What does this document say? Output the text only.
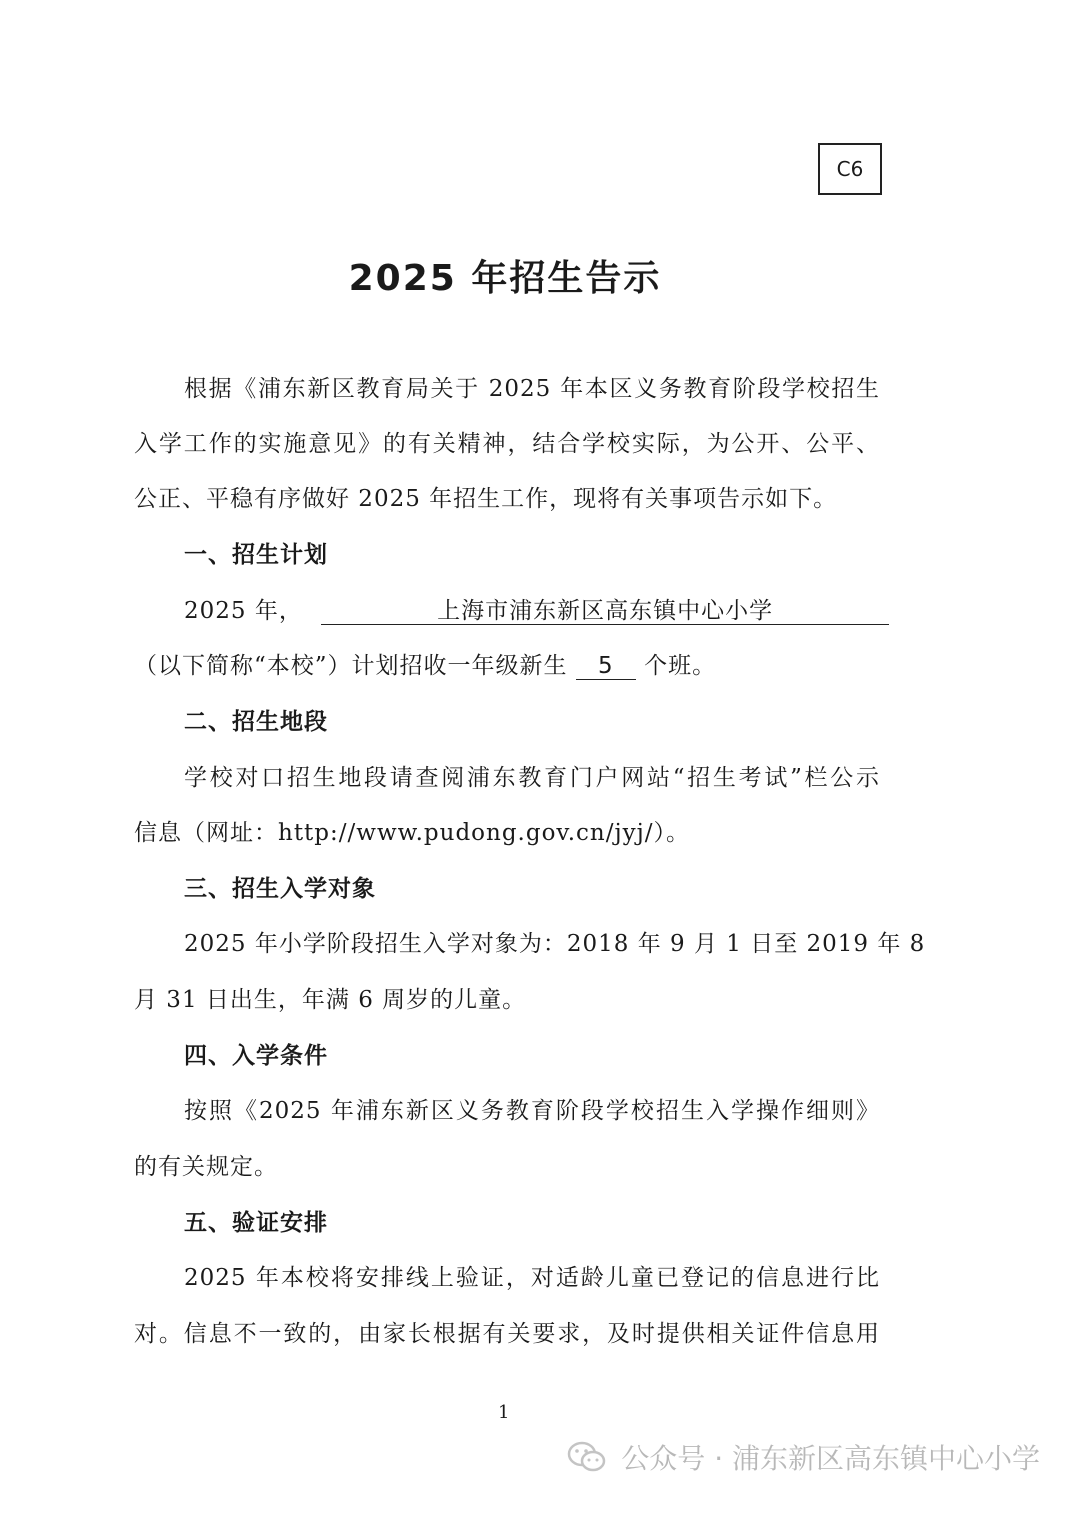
C6
2025 年招生告示
根据《浦东新区教育局关于 2025 年本区义务教育阶段学校招生
入学工作的实施意见》的有关精神，结合学校实际，为公开、公平、
公正、平稳有序做好 2025 年招生工作，现将有关事项告示如下。
一、招生计划
2025 年，	上海市浦东新区高东镇中心小学
（以下简称“本校”）计划招收一年级新生 5 个班。
二、招生地段
学校对口招生地段请查阅浦东教育门户网站“招生考试”栏公示
信息（网址：http://www.pudong.gov.cn/jyj/）。
三、招生入学对象
2025 年小学阶段招生入学对象为：2018 年 9 月 1 日至 2019 年 8
月 31 日出生，年满 6 周岁的儿童。
四、入学条件
按照《2025 年浦东新区义务教育阶段学校招生入学操作细则》
的有关规定。
五、验证安排
2025 年本校将安排线上验证，对适龄儿童已登记的信息进行比
对。信息不一致的，由家长根据有关要求，及时提供相关证件信息用
1
公众号 · 浦东新区高东镇中心小学
